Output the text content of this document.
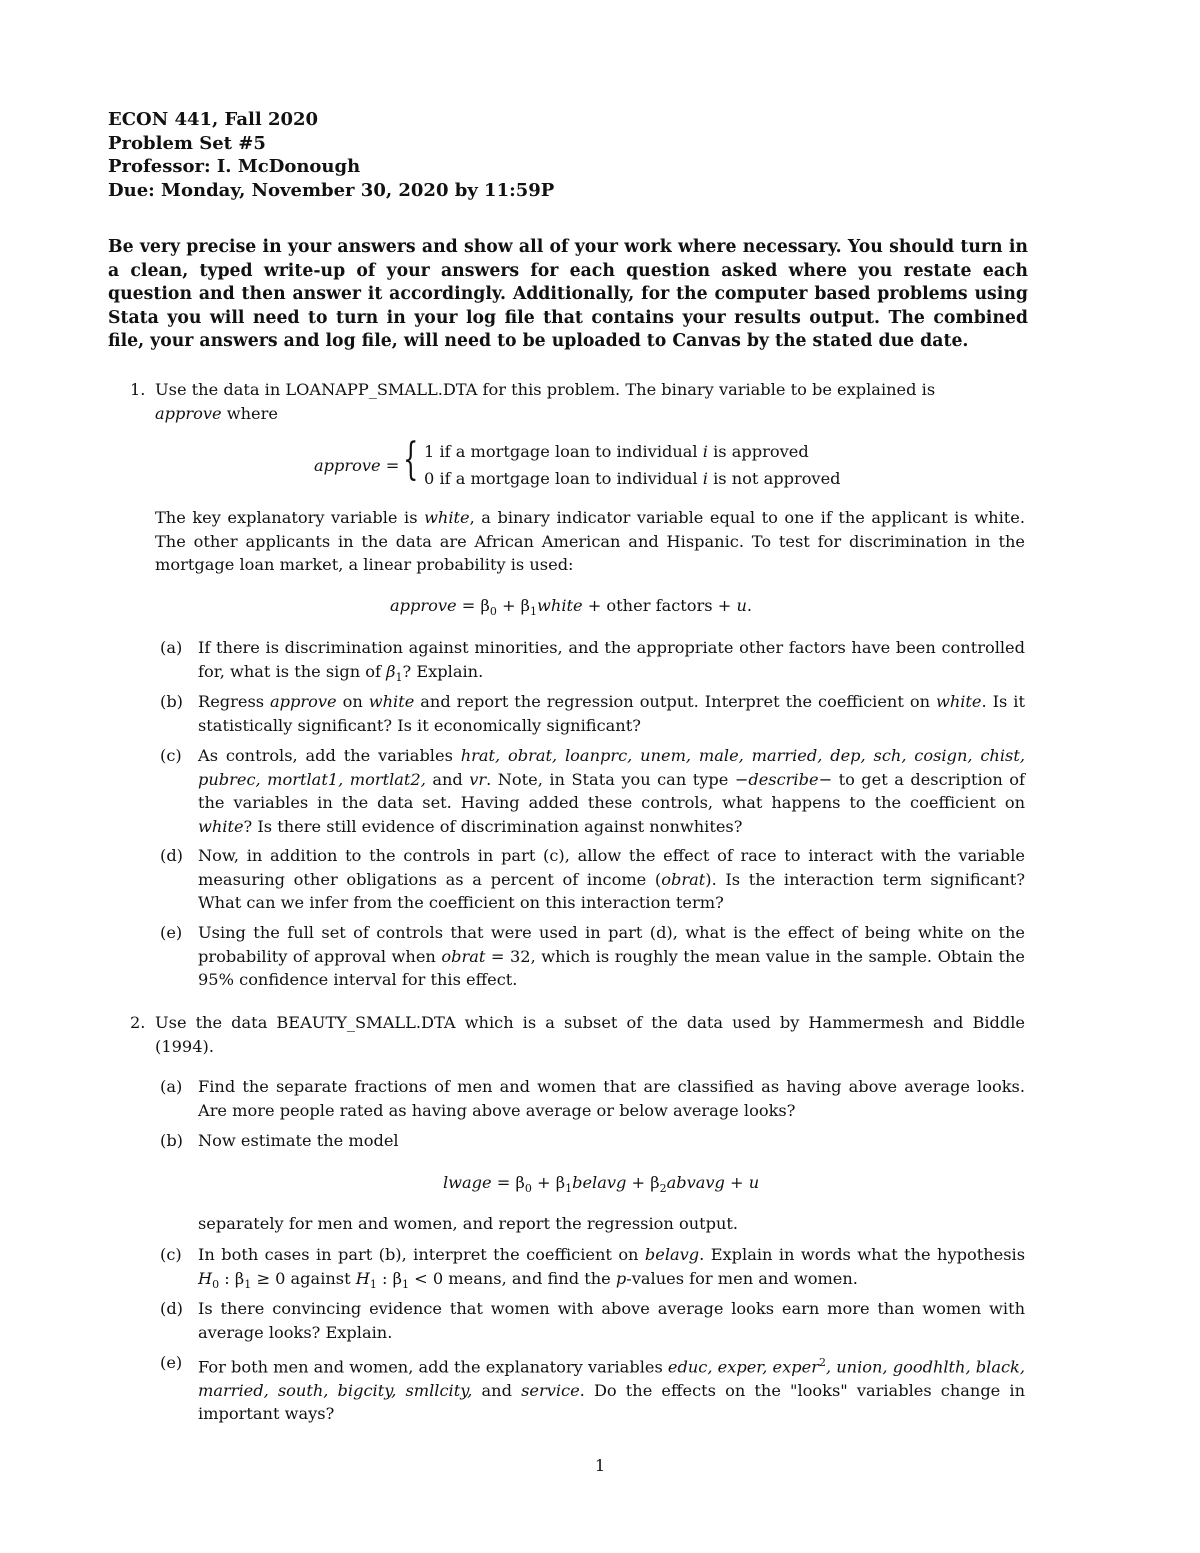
ECON 441, Fall 2020
Problem Set #5
Professor: I. McDonough
Due: Monday, November 30, 2020 by 11:59P
Be very precise in your answers and show all of your work where necessary. You should turn in a clean, typed write-up of your answers for each question asked where you restate each question and then answer it accordingly. Additionally, for the computer based problems using Stata you will need to turn in your log file that contains your results output. The combined file, your answers and log file, will need to be uploaded to Canvas by the stated due date.
1. Use the data in LOANAPP_SMALL.DTA for this problem. The binary variable to be explained is
approve where
approve = { 1 if a mortgage loan to individual i is approved
0 if a mortgage loan to individual i is not approved
The key explanatory variable is white, a binary indicator variable equal to one if the applicant is white. The other applicants in the data are African American and Hispanic. To test for discrimination in the mortgage loan market, a linear probability is used:
approve = $\beta_0$ + $\beta_1white$ + other factors + u.
(a) If there is discrimination against minorities, and the appropriate other factors have been controlled for, what is the sign of $\beta_1$? Explain.
(b) Regress approve on white and report the regression output. Interpret the coefficient on white. Is it statistically significant? Is it economically significant?
(c) As controls, add the variables hrat, obrat, loanprc, unem, male, married, dep, sch, cosign, chist, pubrec, mortlat1, mortlat2, and vr. Note, in Stata you can type −describe− to get a description of the variables in the data set. Having added these controls, what happens to the coefficient on white? Is there still evidence of discrimination against nonwhites?
(d) Now, in addition to the controls in part (c), allow the effect of race to interact with the variable measuring other obligations as a percent of income (obrat). Is the interaction term significant? What can we infer from the coefficient on this interaction term?
(e) Using the full set of controls that were used in part (d), what is the effect of being white on the probability of approval when obrat = 32, which is roughly the mean value in the sample. Obtain the 95% confidence interval for this effect.
2. Use the data BEAUTY_SMALL.DTA which is a subset of the data used by Hammermesh and Biddle (1994).
(a) Find the separate fractions of men and women that are classified as having above average looks. Are more people rated as having above average or below average looks?
(b) Now estimate the model
lwage = $\beta_0$ + $\beta_1belavg$ + $\beta_2abvavg + u$
separately for men and women, and report the regression output.
(c) In both cases in part (b), interpret the coefficient on belavg. Explain in words what the hypothesis $H_0$ : $\beta_1 \ge 0$ against $H_1$ : $\beta_1 < 0$ means, and find the p-values for men and women.
(d) Is there convincing evidence that women with above average looks earn more than women with average looks? Explain.
(e) For both men and women, add the explanatory variables educ, exper, exper$^2$, union, goodhlth, black, married, south, bigcity, smllcity, and service. Do the effects on the "looks" variables change in important ways?
1
